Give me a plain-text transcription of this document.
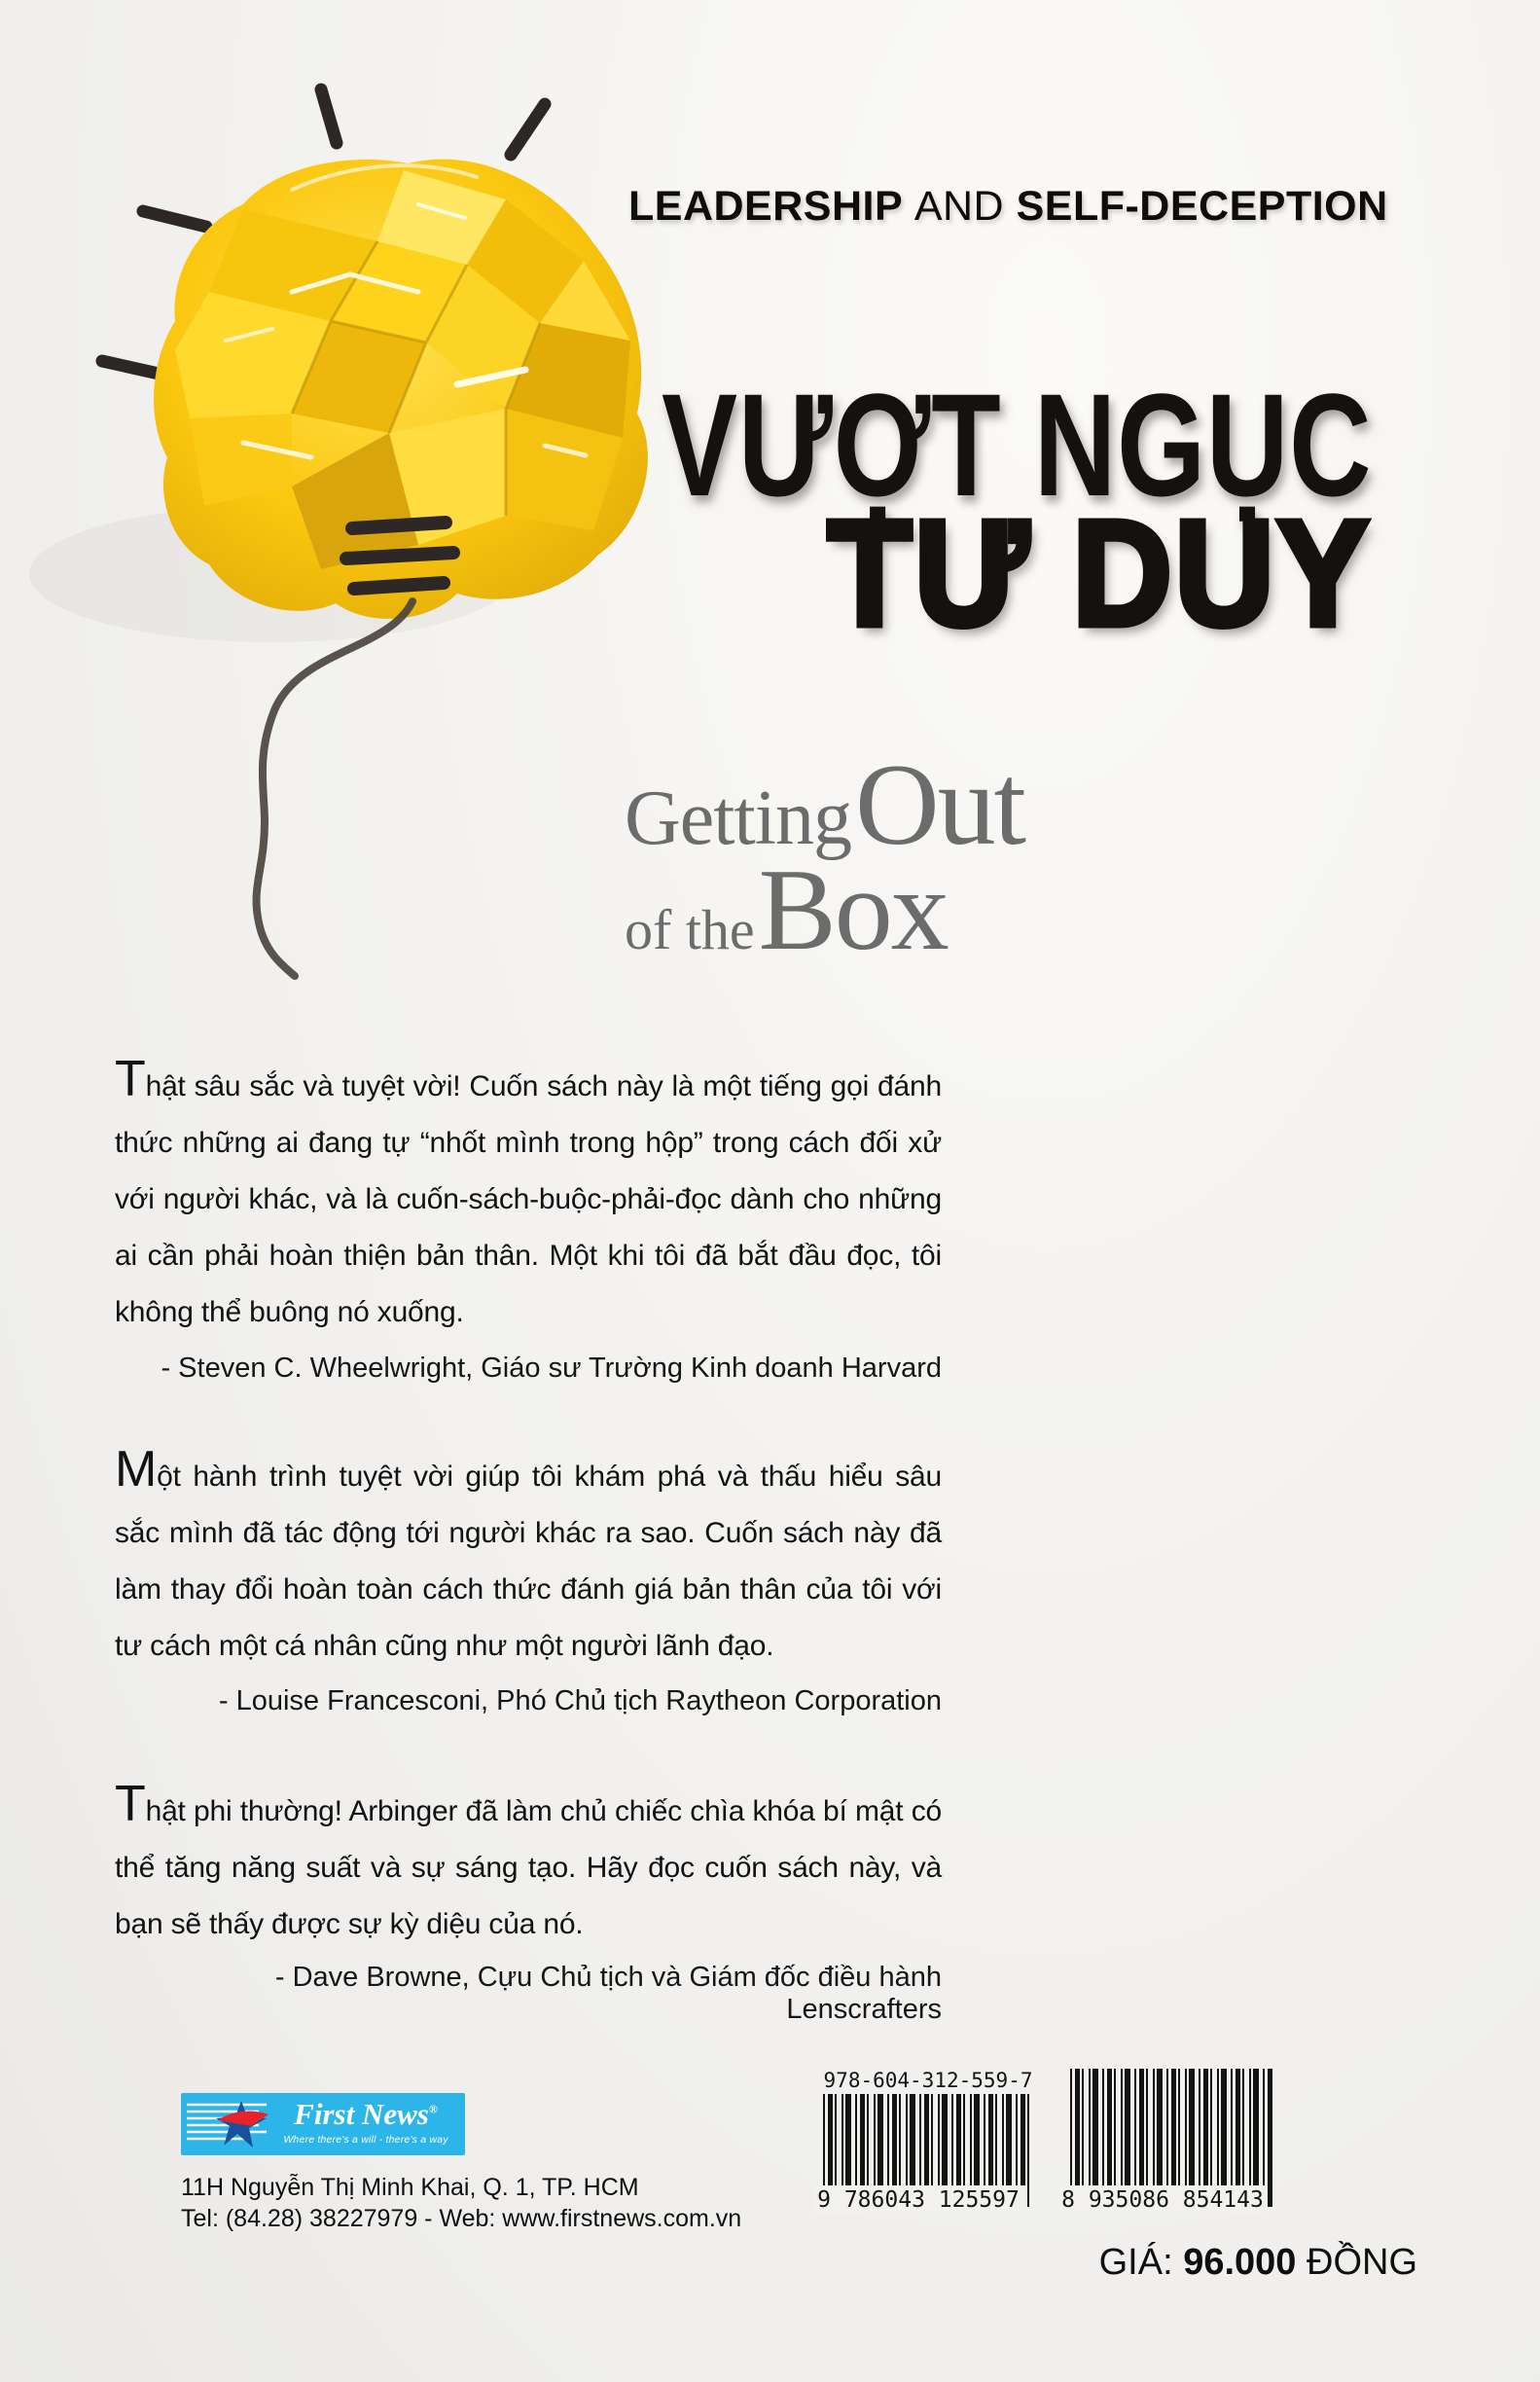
LEADERSHIP AND SELF-DECEPTION
VƯỢT NGỤC
TƯ DUY
Getting Out
of the Box
Thật sâu sắc và tuyệt vời! Cuốn sách này là một tiếng gọi đánh thức những ai đang tự “nhốt mình trong hộp” trong cách đối xử với người khác, và là cuốn-sách-buộc-phải-đọc dành cho những ai cần phải hoàn thiện bản thân. Một khi tôi đã bắt đầu đọc, tôi không thể buông nó xuống.
- Steven C. Wheelwright, Giáo sư Trường Kinh doanh Harvard
Một hành trình tuyệt vời giúp tôi khám phá và thấu hiểu sâu sắc mình đã tác động tới người khác ra sao. Cuốn sách này đã làm thay đổi hoàn toàn cách thức đánh giá bản thân của tôi với tư cách một cá nhân cũng như một người lãnh đạo.
- Louise Francesconi, Phó Chủ tịch Raytheon Corporation
Thật phi thường! Arbinger đã làm chủ chiếc chìa khóa bí mật có thể tăng năng suất và sự sáng tạo. Hãy đọc cuốn sách này, và bạn sẽ thấy được sự kỳ diệu của nó.
- Dave Browne, Cựu Chủ tịch và Giám đốc điều hành Lenscrafters
First News®
Where there's a will - there's a way
11H Nguyễn Thị Minh Khai, Q. 1, TP. HCM
Tel: (84.28) 38227979 - Web: www.firstnews.com.vn
978-604-312-559-7
9 786043 125597 8 935086 854143
GIÁ: 96.000 ĐỒNG
